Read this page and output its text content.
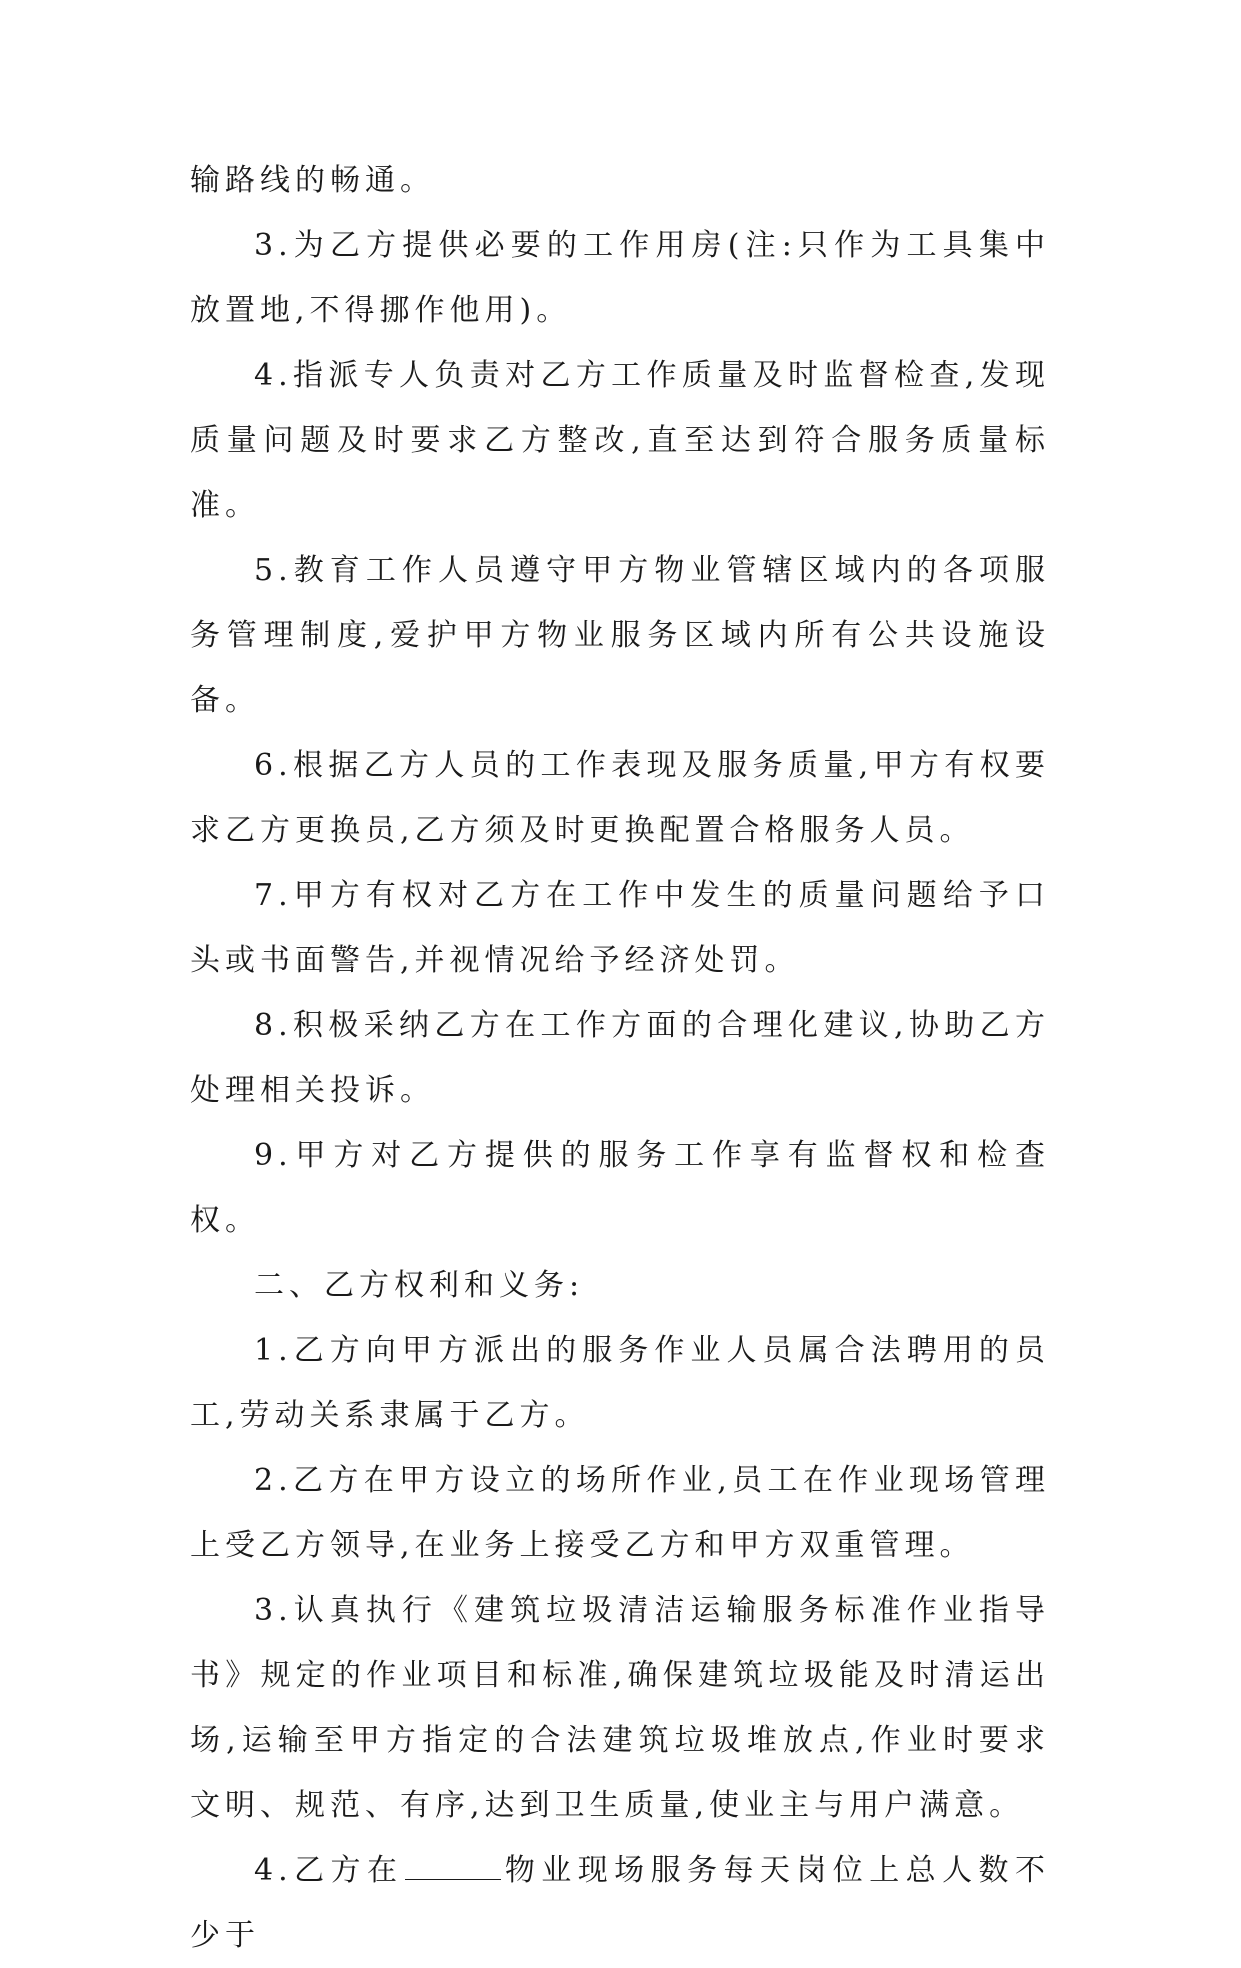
输路线的畅通。

3.为乙方提供必要的工作用房(注:只作为工具集中放置地,不得挪作他用)。

4.指派专人负责对乙方工作质量及时监督检查,发现质量问题及时要求乙方整改,直至达到符合服务质量标准。

5.教育工作人员遵守甲方物业管辖区域内的各项服务管理制度,爱护甲方物业服务区域内所有公共设施设备。

6.根据乙方人员的工作表现及服务质量,甲方有权要求乙方更换员,乙方须及时更换配置合格服务人员。

7.甲方有权对乙方在工作中发生的质量问题给予口头或书面警告,并视情况给予经济处罚。

8.积极采纳乙方在工作方面的合理化建议,协助乙方处理相关投诉。

9.甲方对乙方提供的服务工作享有监督权和检查权。

二、乙方权利和义务:

1.乙方向甲方派出的服务作业人员属合法聘用的员工,劳动关系隶属于乙方。

2.乙方在甲方设立的场所作业,员工在作业现场管理上受乙方领导,在业务上接受乙方和甲方双重管理。

3.认真执行《建筑垃圾清洁运输服务标准作业指导书》规定的作业项目和标准,确保建筑垃圾能及时清运出场,运输至甲方指定的合法建筑垃圾堆放点,作业时要求文明、规范、有序,达到卫生质量,使业主与用户满意。

4.乙方在	物业现场服务每天岗位上总人数不少于
